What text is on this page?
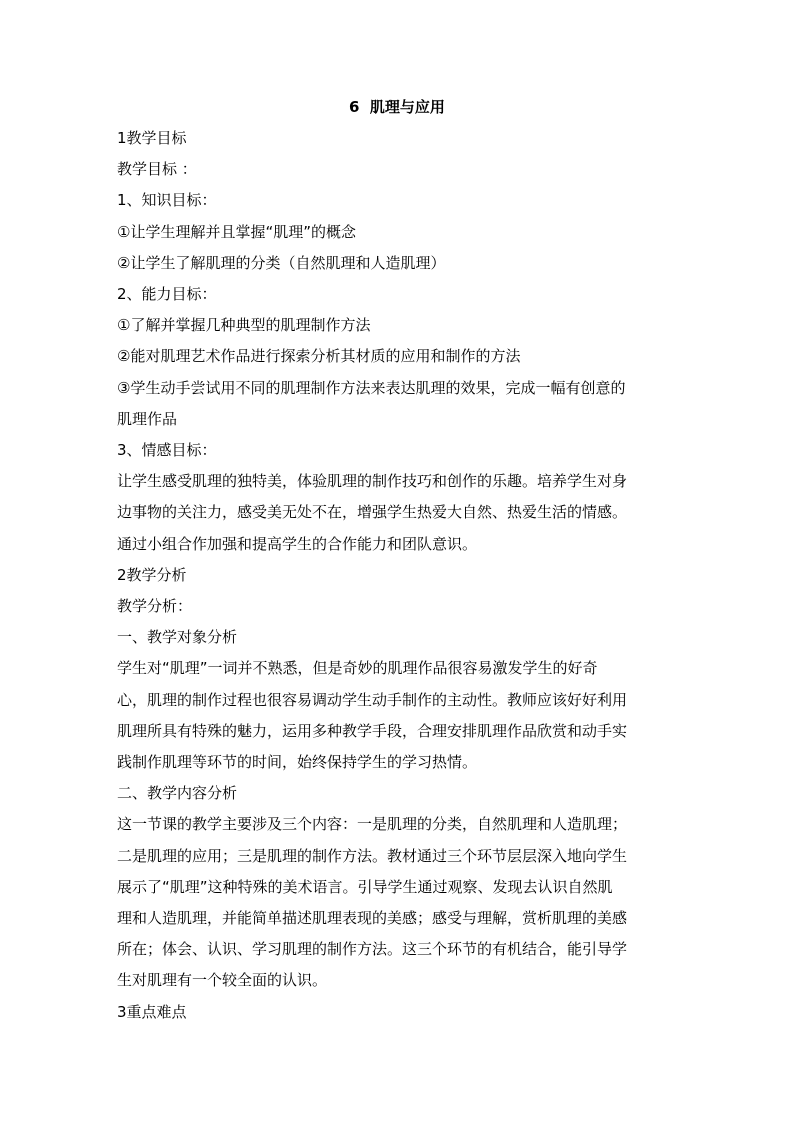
6  肌理与应用
1教学目标
教学目标 ：
1、知识目标：
①让学生理解并且掌握“肌理”的概念
②让学生了解肌理的分类（自然肌理和人造肌理）
2、能力目标：
①了解并掌握几种典型的肌理制作方法
②能对肌理艺术作品进行探索分析其材质的应用和制作的方法
③学生动手尝试用不同的肌理制作方法来表达肌理的效果，完成一幅有创意的
肌理作品
3、情感目标：
让学生感受肌理的独特美，体验肌理的制作技巧和创作的乐趣。培养学生对身
边事物的关注力，感受美无处不在，增强学生热爱大自然、热爱生活的情感。
通过小组合作加强和提高学生的合作能力和团队意识。
2教学分析
教学分析：
一、教学对象分析
学生对“肌理”一词并不熟悉，但是奇妙的肌理作品很容易激发学生的好奇
心，肌理的制作过程也很容易调动学生动手制作的主动性。教师应该好好利用
肌理所具有特殊的魅力，运用多种教学手段，合理安排肌理作品欣赏和动手实
践制作肌理等环节的时间，始终保持学生的学习热情。
二、教学内容分析
这一节课的教学主要涉及三个内容：一是肌理的分类，自然肌理和人造肌理；
二是肌理的应用；三是肌理的制作方法。教材通过三个环节层层深入地向学生
展示了“肌理”这种特殊的美术语言。引导学生通过观察、发现去认识自然肌
理和人造肌理，并能简单描述肌理表现的美感；感受与理解，赏析肌理的美感
所在；体会、认识、学习肌理的制作方法。这三个环节的有机结合，能引导学
生对肌理有一个较全面的认识。
3重点难点
